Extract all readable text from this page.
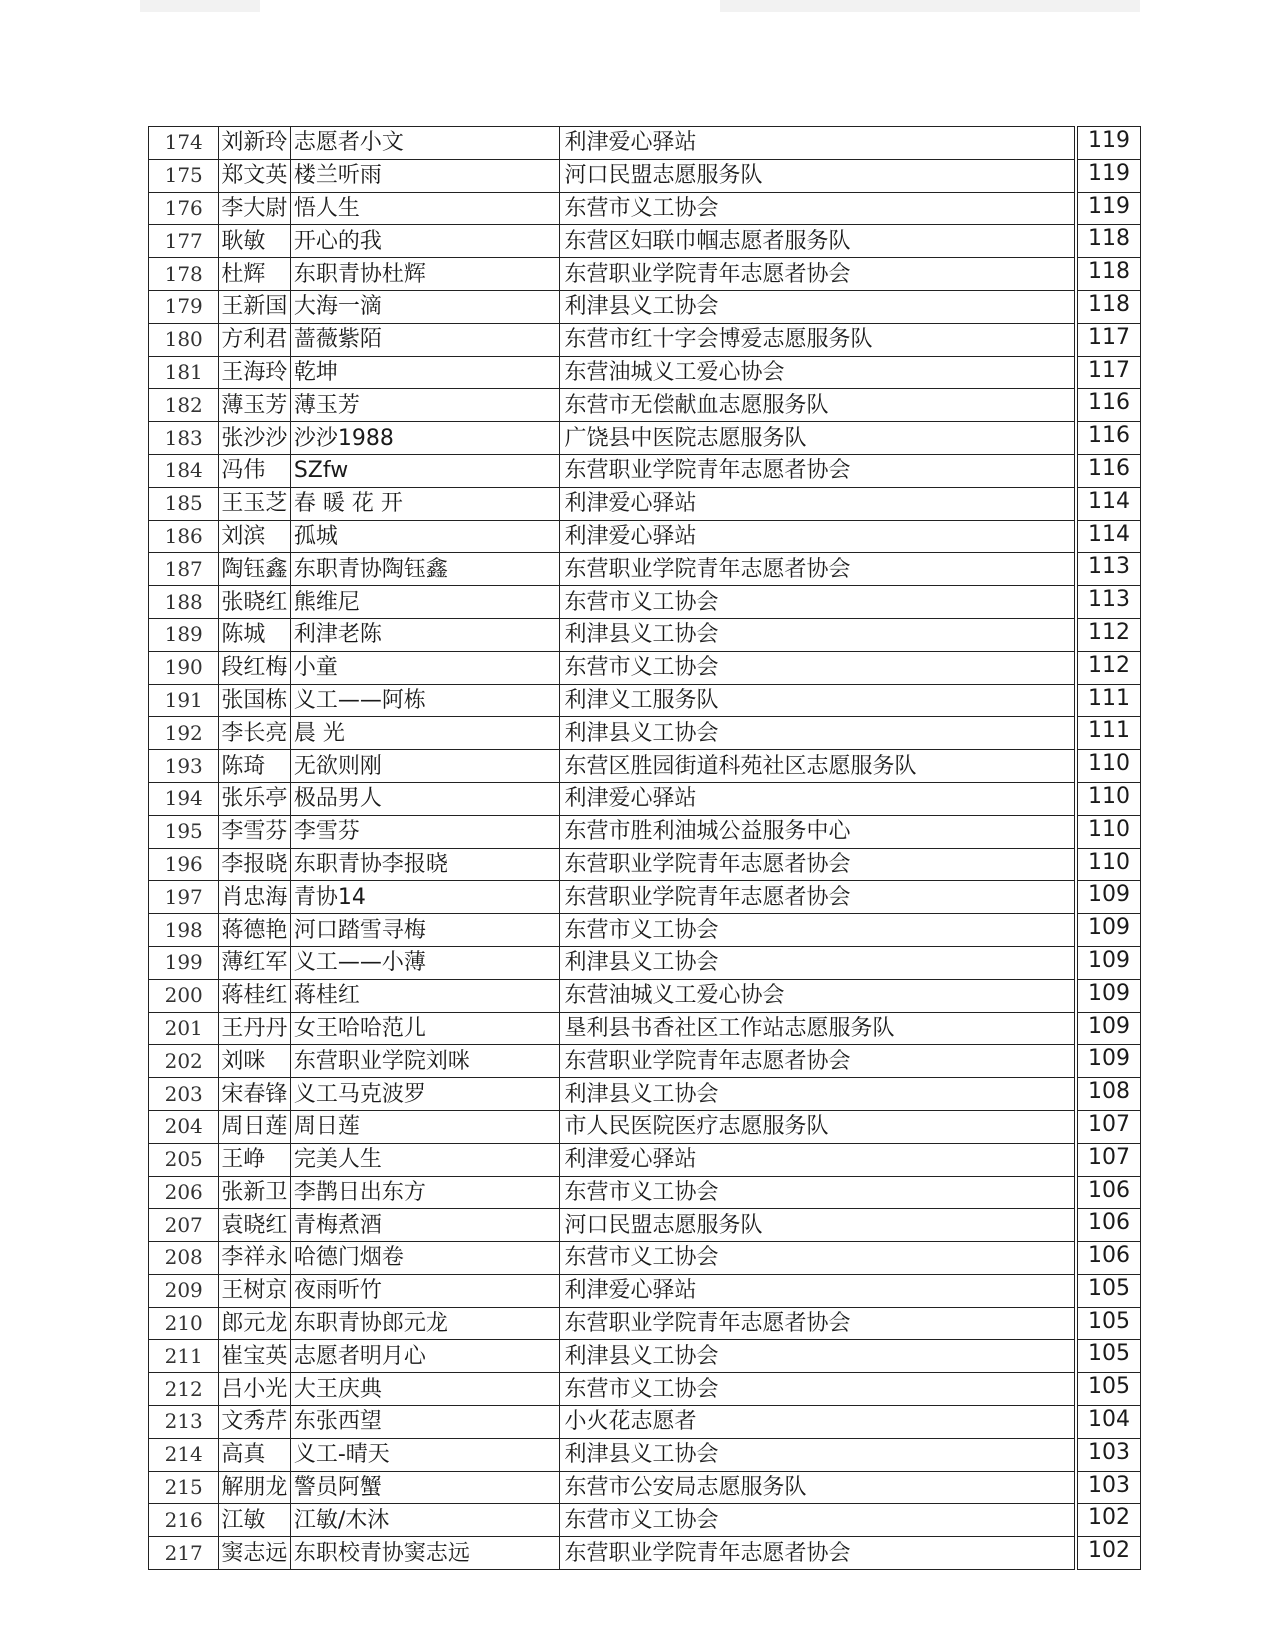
174	刘新玲	志愿者小文	利津爱心驿站	119
175	郑文英	楼兰听雨	河口民盟志愿服务队	119
176	李大尉	悟人生	东营市义工协会	119
177	耿敏	开心的我	东营区妇联巾帼志愿者服务队	118
178	杜辉	东职青协杜辉	东营职业学院青年志愿者协会	118
179	王新国	大海一滴	利津县义工协会	118
180	方利君	蔷薇紫陌	东营市红十字会博爱志愿服务队	117
181	王海玲	乾坤	东营油城义工爱心协会	117
182	薄玉芳	薄玉芳	东营市无偿献血志愿服务队	116
183	张沙沙	沙沙1988	广饶县中医院志愿服务队	116
184	冯伟	SZfw	东营职业学院青年志愿者协会	116
185	王玉芝	春 暖 花 开	利津爱心驿站	114
186	刘滨	孤城	利津爱心驿站	114
187	陶钰鑫	东职青协陶钰鑫	东营职业学院青年志愿者协会	113
188	张晓红	熊维尼	东营市义工协会	113
189	陈城	利津老陈	利津县义工协会	112
190	段红梅	小童	东营市义工协会	112
191	张国栋	义工——阿栋	利津义工服务队	111
192	李长亮	晨 光	利津县义工协会	111
193	陈琦	无欲则刚	东营区胜园街道科苑社区志愿服务队	110
194	张乐亭	极品男人	利津爱心驿站	110
195	李雪芬	李雪芬	东营市胜利油城公益服务中心	110
196	李报晓	东职青协李报晓	东营职业学院青年志愿者协会	110
197	肖忠海	青协14	东营职业学院青年志愿者协会	109
198	蒋德艳	河口踏雪寻梅	东营市义工协会	109
199	薄红军	义工——小薄	利津县义工协会	109
200	蒋桂红	蒋桂红	东营油城义工爱心协会	109
201	王丹丹	女王哈哈范儿	垦利县书香社区工作站志愿服务队	109
202	刘咪	东营职业学院刘咪	东营职业学院青年志愿者协会	109
203	宋春锋	义工马克波罗	利津县义工协会	108
204	周日莲	周日莲	市人民医院医疗志愿服务队	107
205	王峥	完美人生	利津爱心驿站	107
206	张新卫	李鹊日出东方	东营市义工协会	106
207	袁晓红	青梅煮酒	河口民盟志愿服务队	106
208	李祥永	哈德门烟卷	东营市义工协会	106
209	王树京	夜雨听竹	利津爱心驿站	105
210	郎元龙	东职青协郎元龙	东营职业学院青年志愿者协会	105
211	崔宝英	志愿者明月心	利津县义工协会	105
212	吕小光	大王庆典	东营市义工协会	105
213	文秀芹	东张西望	小火花志愿者	104
214	高真	义工-晴天	利津县义工协会	103
215	解朋龙	警员阿蟹	东营市公安局志愿服务队	103
216	江敏	江敏/木沐	东营市义工协会	102
217	窦志远	东职校青协窦志远	东营职业学院青年志愿者协会	102
